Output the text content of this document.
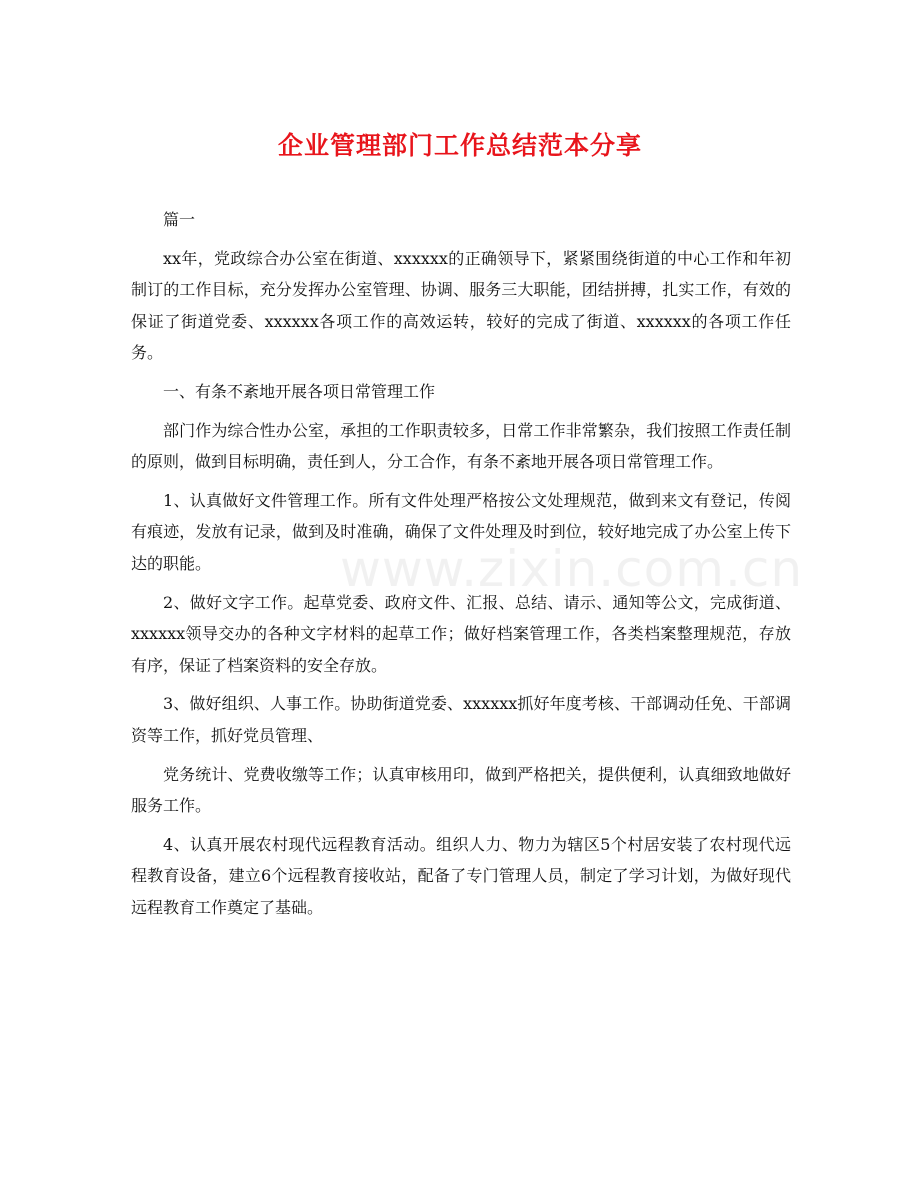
企业管理部门工作总结范本分享

篇一

xx年，党政综合办公室在街道、xxxxxx的正确领导下，紧紧围绕街道的中心工作和年初制订的工作目标，充分发挥办公室管理、协调、服务三大职能，团结拼搏，扎实工作，有效的保证了街道党委、xxxxxx各项工作的高效运转，较好的完成了街道、xxxxxx的各项工作任务。

一、有条不紊地开展各项日常管理工作

部门作为综合性办公室，承担的工作职责较多，日常工作非常繁杂，我们按照工作责任制的原则，做到目标明确，责任到人，分工合作，有条不紊地开展各项日常管理工作。

1、认真做好文件管理工作。所有文件处理严格按公文处理规范，做到来文有登记，传阅有痕迹，发放有记录，做到及时准确，确保了文件处理及时到位，较好地完成了办公室上传下达的职能。

2、做好文字工作。起草党委、政府文件、汇报、总结、请示、通知等公文，完成街道、xxxxxx领导交办的各种文字材料的起草工作；做好档案管理工作，各类档案整理规范，存放有序，保证了档案资料的安全存放。

3、做好组织、人事工作。协助街道党委、xxxxxx抓好年度考核、干部调动任免、干部调资等工作，抓好党员管理、

党务统计、党费收缴等工作；认真审核用印，做到严格把关，提供便利，认真细致地做好服务工作。

4、认真开展农村现代远程教育活动。组织人力、物力为辖区5个村居安装了农村现代远程教育设备，建立6个远程教育接收站，配备了专门管理人员，制定了学习计划，为做好现代远程教育工作奠定了基础。

www.zixin.com.cn
